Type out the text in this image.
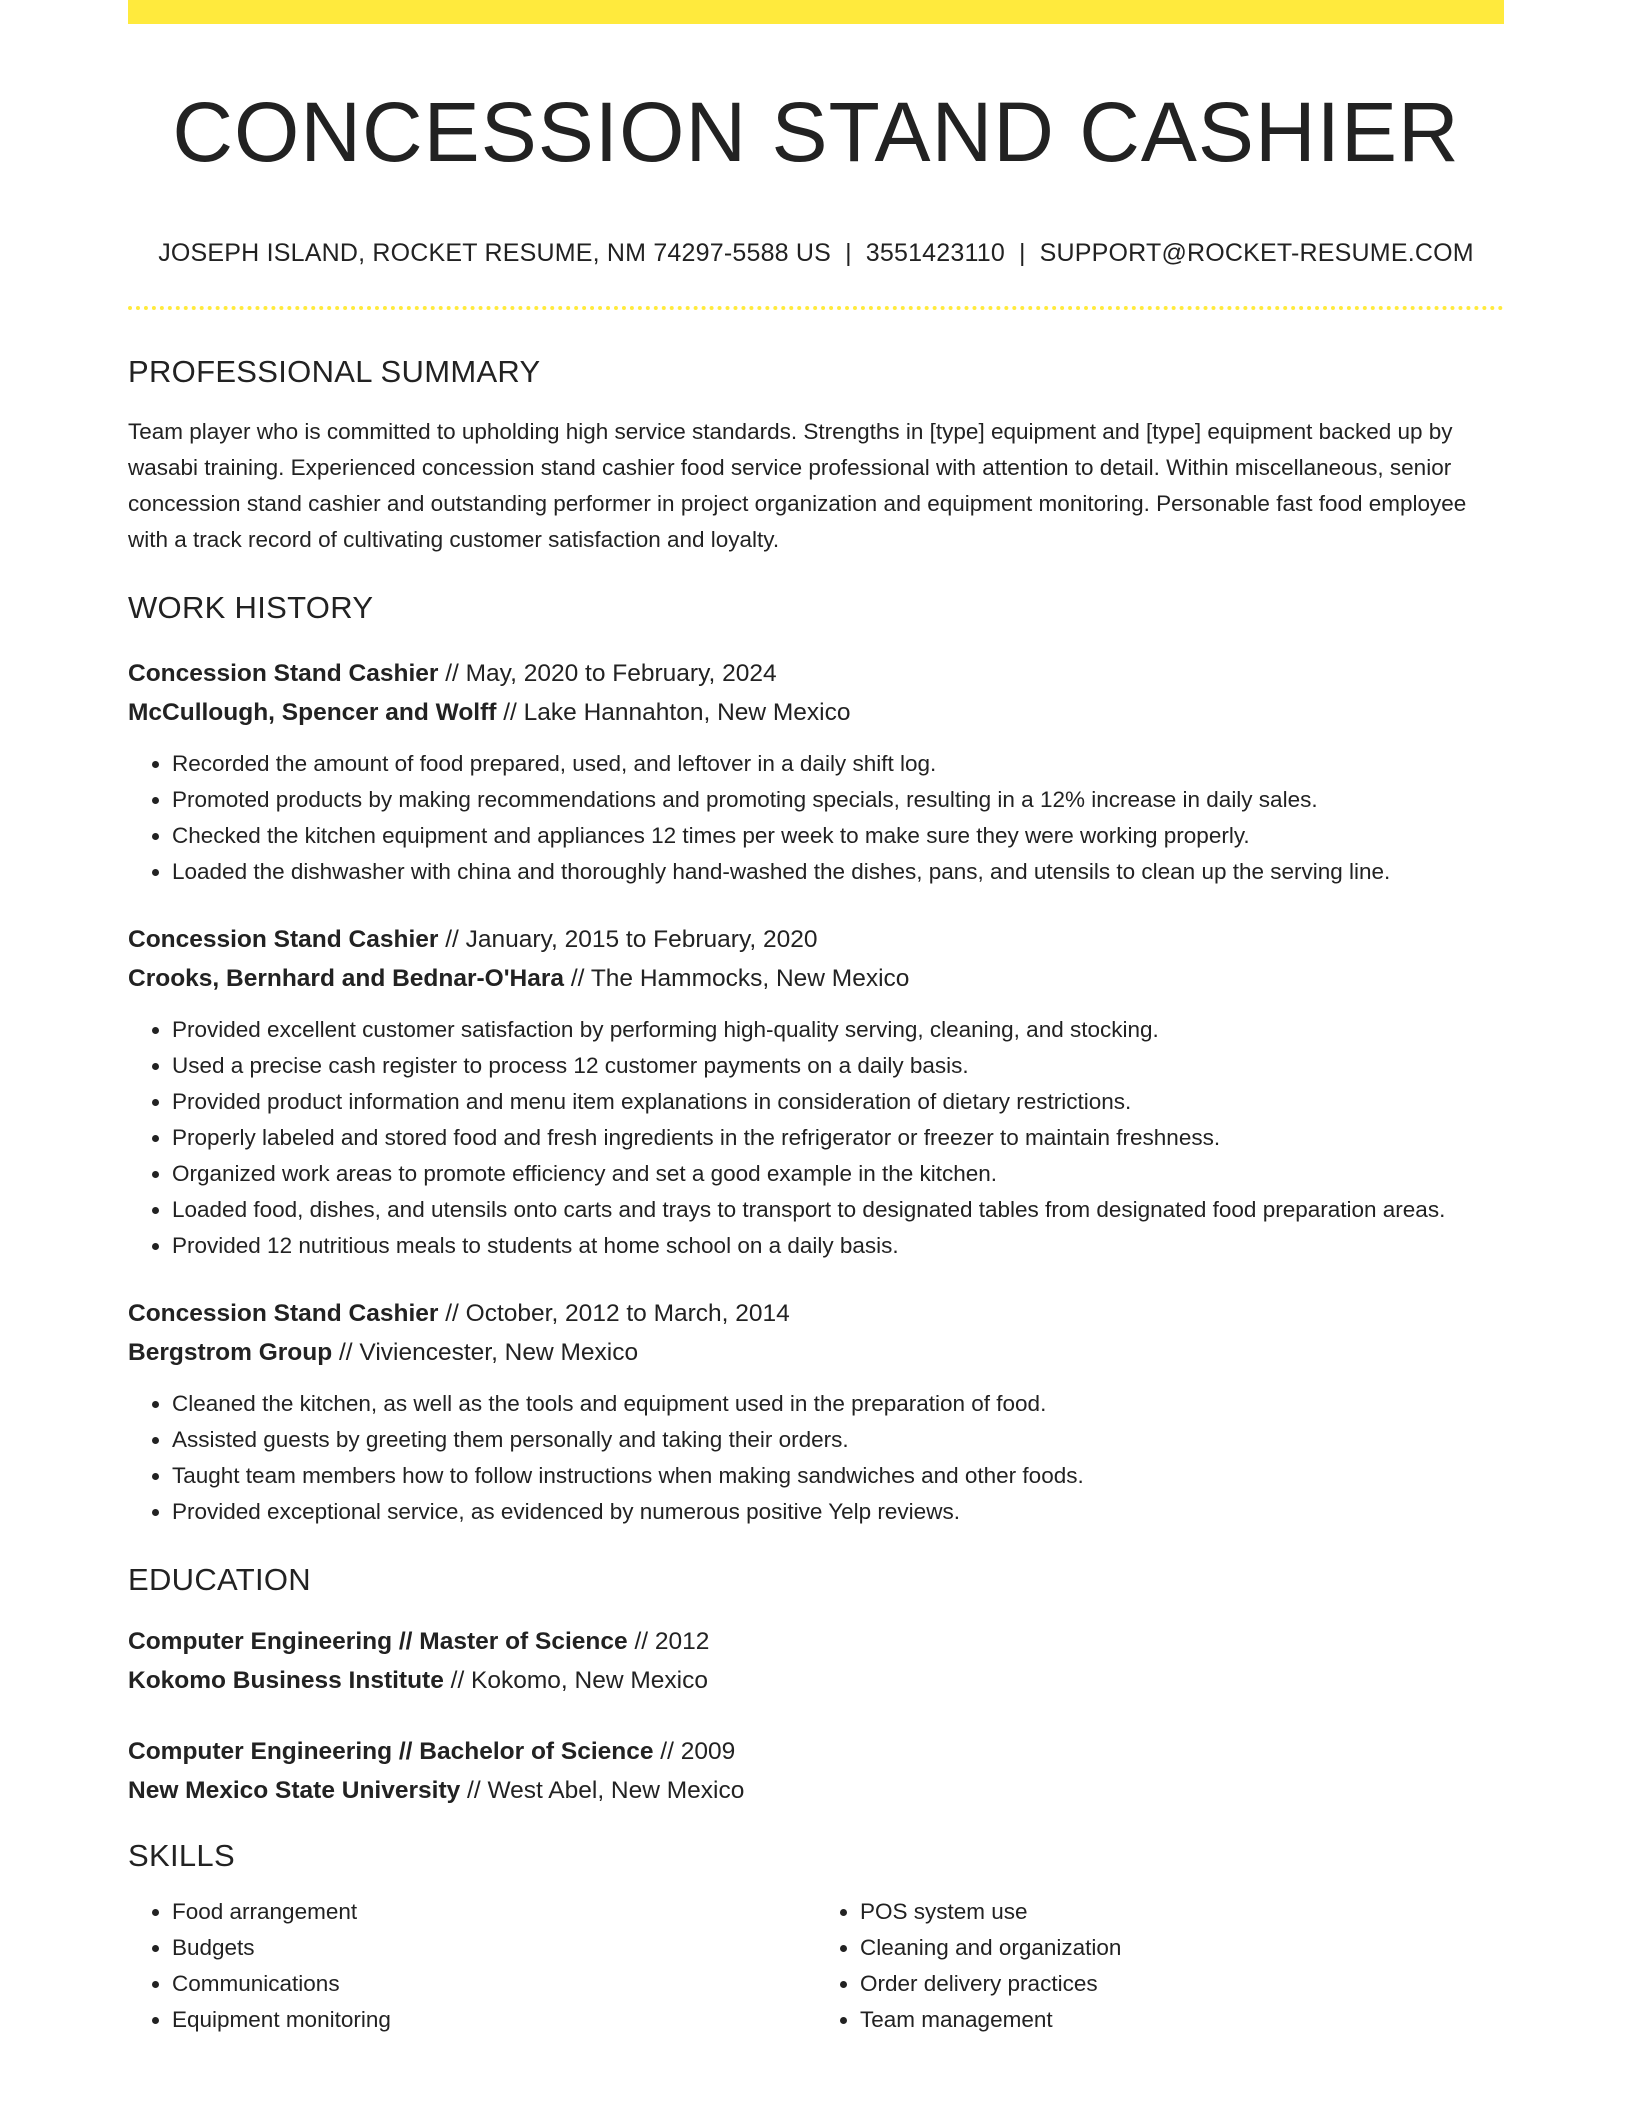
CONCESSION STAND CASHIER
JOSEPH ISLAND, ROCKET RESUME, NM 74297-5588 US | 3551423110 | SUPPORT@ROCKET-RESUME.COM
PROFESSIONAL SUMMARY
Team player who is committed to upholding high service standards. Strengths in [type] equipment and [type] equipment backed up by wasabi training. Experienced concession stand cashier food service professional with attention to detail. Within miscellaneous, senior concession stand cashier and outstanding performer in project organization and equipment monitoring. Personable fast food employee with a track record of cultivating customer satisfaction and loyalty.
WORK HISTORY
Concession Stand Cashier // May, 2020 to February, 2024
McCullough, Spencer and Wolff // Lake Hannahton, New Mexico
• Recorded the amount of food prepared, used, and leftover in a daily shift log.
• Promoted products by making recommendations and promoting specials, resulting in a 12% increase in daily sales.
• Checked the kitchen equipment and appliances 12 times per week to make sure they were working properly.
• Loaded the dishwasher with china and thoroughly hand-washed the dishes, pans, and utensils to clean up the serving line.
Concession Stand Cashier // January, 2015 to February, 2020
Crooks, Bernhard and Bednar-O'Hara // The Hammocks, New Mexico
• Provided excellent customer satisfaction by performing high-quality serving, cleaning, and stocking.
• Used a precise cash register to process 12 customer payments on a daily basis.
• Provided product information and menu item explanations in consideration of dietary restrictions.
• Properly labeled and stored food and fresh ingredients in the refrigerator or freezer to maintain freshness.
• Organized work areas to promote efficiency and set a good example in the kitchen.
• Loaded food, dishes, and utensils onto carts and trays to transport to designated tables from designated food preparation areas.
• Provided 12 nutritious meals to students at home school on a daily basis.
Concession Stand Cashier // October, 2012 to March, 2014
Bergstrom Group // Viviencester, New Mexico
• Cleaned the kitchen, as well as the tools and equipment used in the preparation of food.
• Assisted guests by greeting them personally and taking their orders.
• Taught team members how to follow instructions when making sandwiches and other foods.
• Provided exceptional service, as evidenced by numerous positive Yelp reviews.
EDUCATION
Computer Engineering // Master of Science // 2012
Kokomo Business Institute // Kokomo, New Mexico
Computer Engineering // Bachelor of Science // 2009
New Mexico State University // West Abel, New Mexico
SKILLS
• Food arrangement
• Budgets
• Communications
• Equipment monitoring
• POS system use
• Cleaning and organization
• Order delivery practices
• Team management
